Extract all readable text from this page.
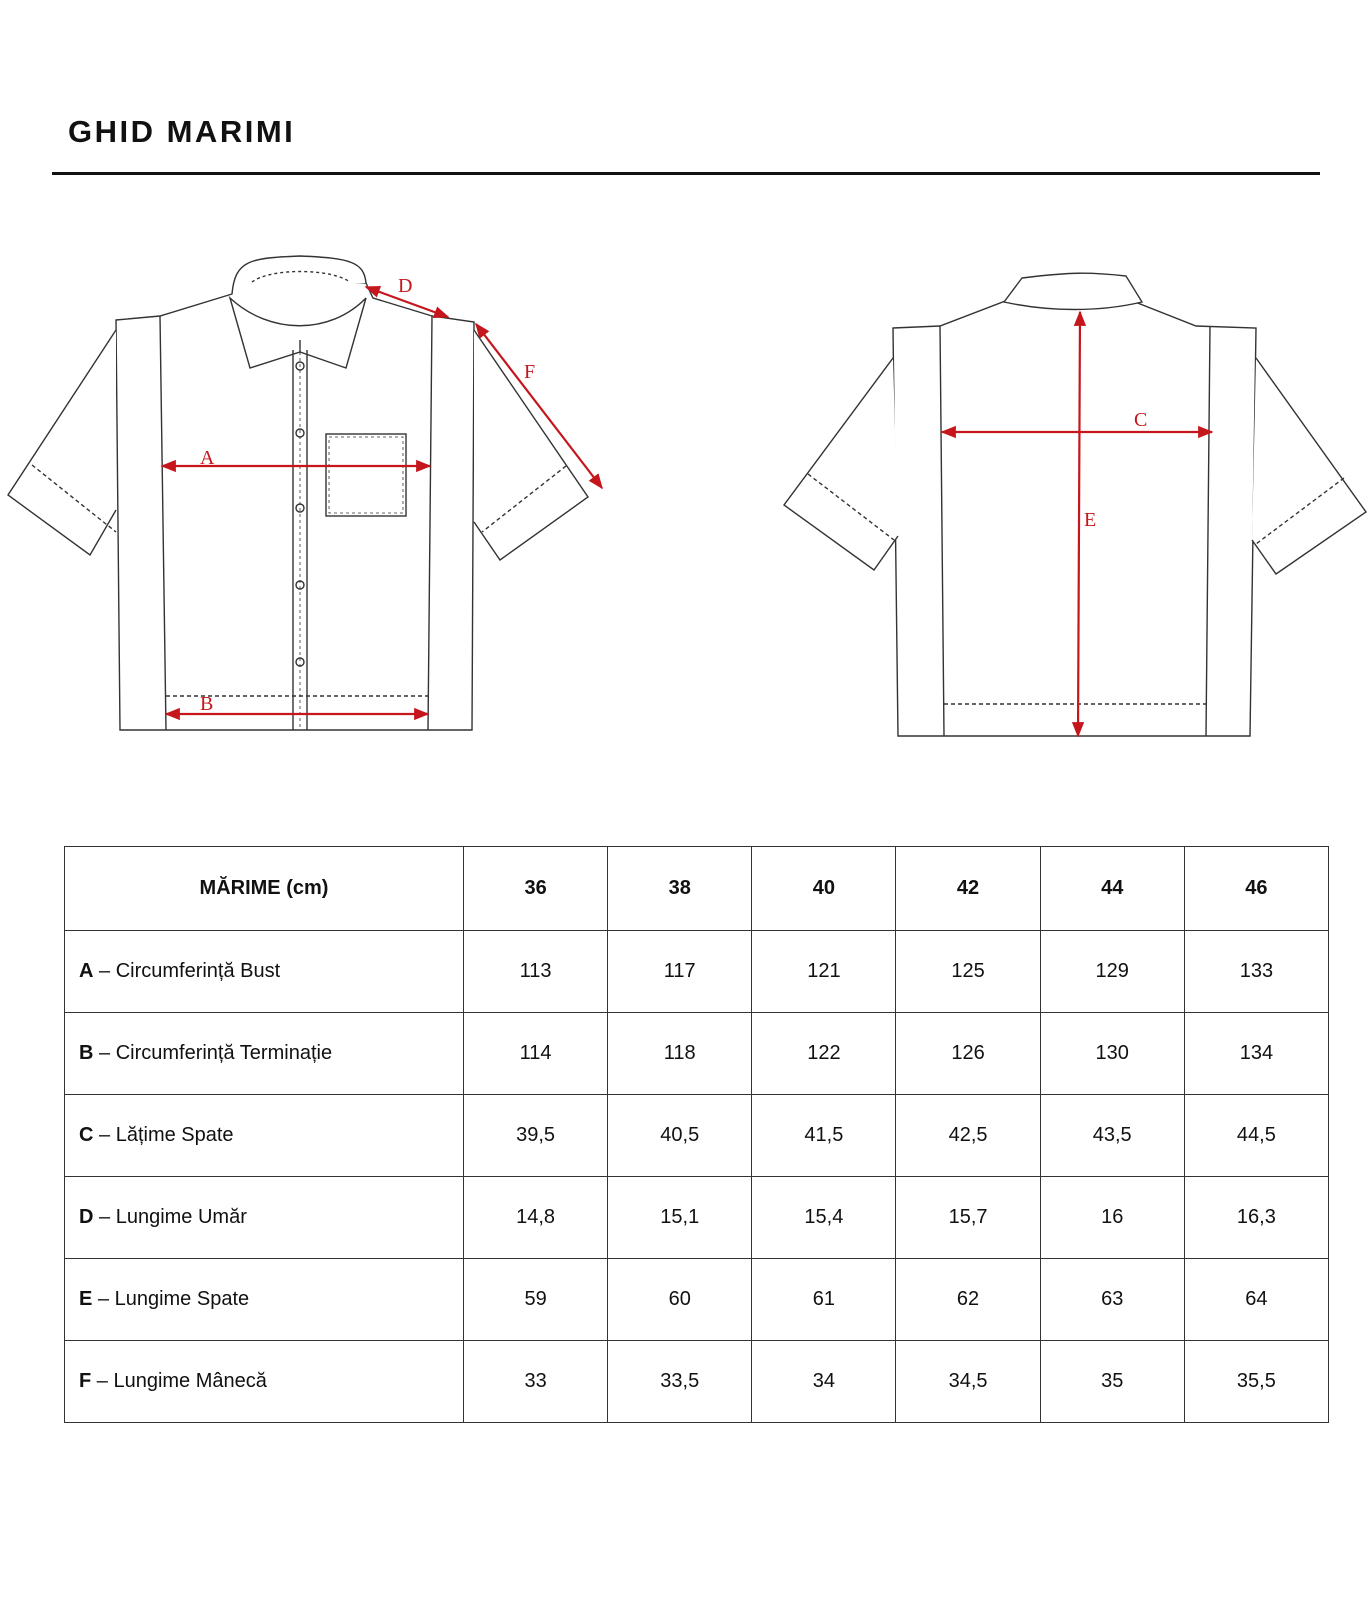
GHID MARIMI
A
B
D
F
C
E
MĂRIME (cm)	36	38	40	42	44	46
A – Circumferință Bust	113	117	121	125	129	133
B – Circumferință Terminație	114	118	122	126	130	134
C – Lățime Spate	39,5	40,5	41,5	42,5	43,5	44,5
D – Lungime Umăr	14,8	15,1	15,4	15,7	16	16,3
E – Lungime Spate	59	60	61	62	63	64
F – Lungime Mânecă	33	33,5	34	34,5	35	35,5
